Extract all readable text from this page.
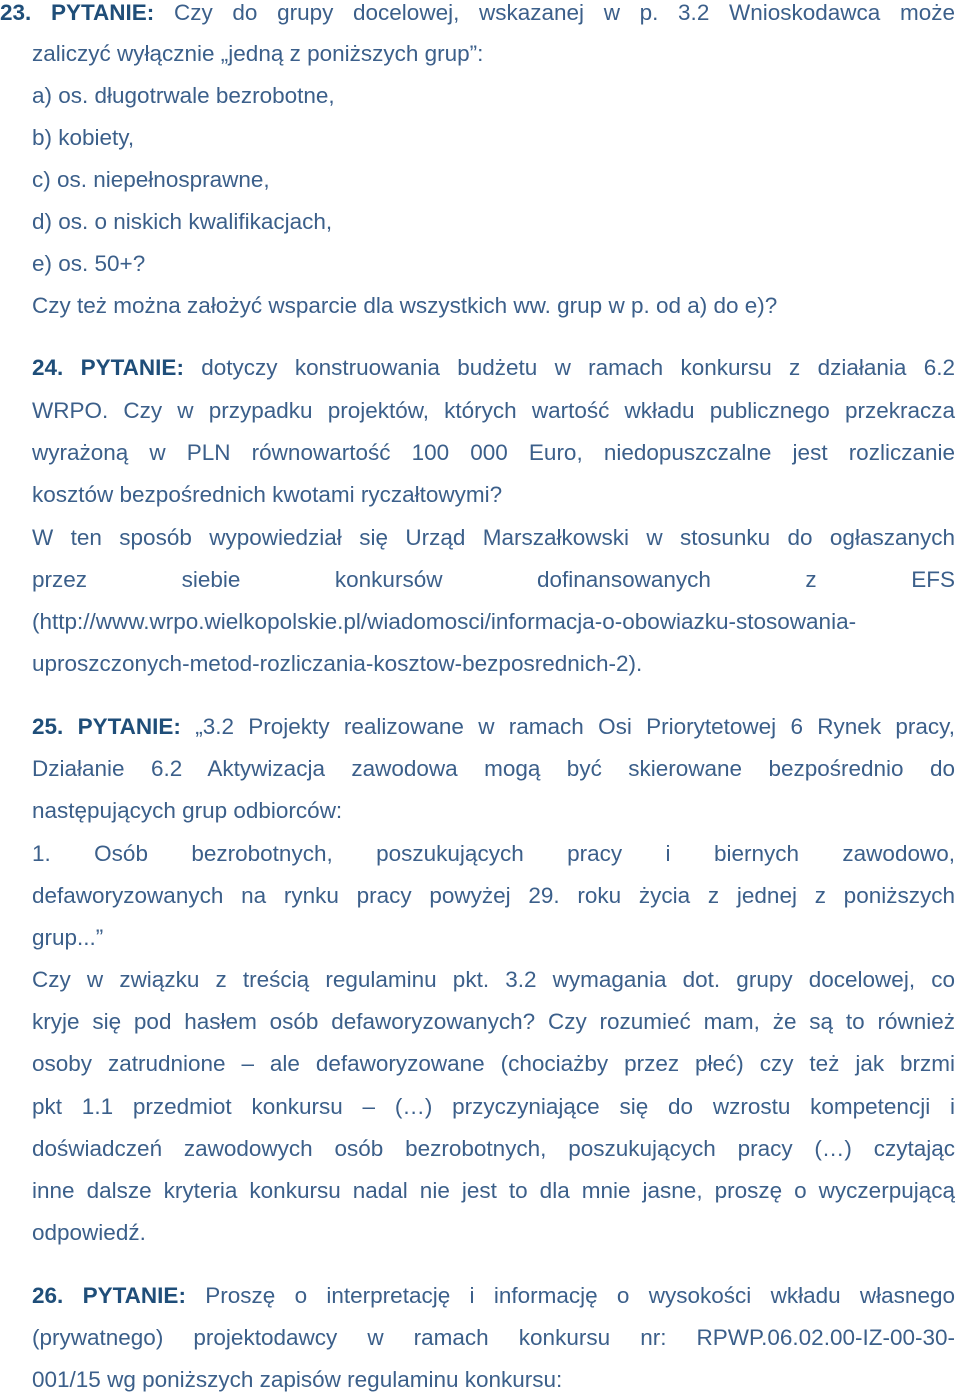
23. PYTANIE: Czy do grupy docelowej, wskazanej w p. 3.2 Wnioskodawca może
zaliczyć wyłącznie „jedną z poniższych grup”:
a) os. długotrwale bezrobotne,
b) kobiety,
c) os. niepełnosprawne,
d) os. o niskich kwalifikacjach,
e) os. 50+?
Czy też można założyć wsparcie dla wszystkich ww. grup w p. od a) do e)?
24. PYTANIE: dotyczy konstruowania budżetu w ramach konkursu z działania 6.2
WRPO. Czy w przypadku projektów, których wartość wkładu publicznego przekracza
wyrażoną w PLN równowartość 100 000 Euro, niedopuszczalne jest rozliczanie
kosztów bezpośrednich kwotami ryczałtowymi?
W ten sposób wypowiedział się Urząd Marszałkowski w stosunku do ogłaszanych
przez siebie konkursów dofinansowanych z EFS
(http://www.wrpo.wielkopolskie.pl/wiadomosci/informacja-o-obowiazku-stosowania-
uproszczonych-metod-rozliczania-kosztow-bezposrednich-2).
25. PYTANIE: „3.2 Projekty realizowane w ramach Osi Priorytetowej 6 Rynek pracy,
Działanie 6.2 Aktywizacja zawodowa mogą być skierowane bezpośrednio do
następujących grup odbiorców:
1. Osób bezrobotnych, poszukujących pracy i biernych zawodowo,
defaworyzowanych na rynku pracy powyżej 29. roku życia z jednej z poniższych
grup...”
Czy w związku z treścią regulaminu pkt. 3.2 wymagania dot. grupy docelowej, co
kryje się pod hasłem osób defaworyzowanych? Czy rozumieć mam, że są to również
osoby zatrudnione – ale defaworyzowane (chociażby przez płeć) czy też jak brzmi
pkt 1.1 przedmiot konkursu – (…) przyczyniające się do wzrostu kompetencji i
doświadczeń zawodowych osób bezrobotnych, poszukujących pracy (…) czytając
inne dalsze kryteria konkursu nadal nie jest to dla mnie jasne, proszę o wyczerpującą
odpowiedź.
26. PYTANIE: Proszę o interpretację i informację o wysokości wkładu własnego
(prywatnego) projektodawcy w ramach konkursu nr: RPWP.06.02.00-IZ-00-30-
001/15 wg poniższych zapisów regulaminu konkursu:
